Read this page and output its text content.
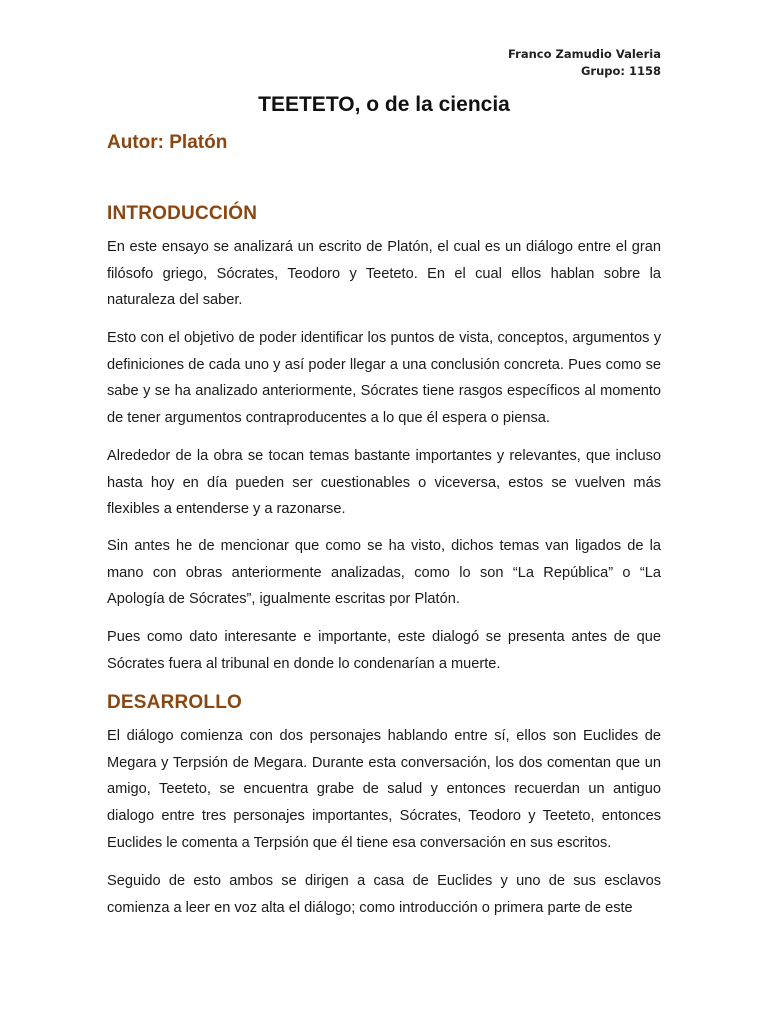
Franco Zamudio Valeria
Grupo: 1158
TEETETO, o de la ciencia
Autor: Platón
INTRODUCCIÓN

En este ensayo se analizará un escrito de Platón, el cual es un diálogo entre el gran filósofo griego, Sócrates, Teodoro y Teeteto. En el cual ellos hablan sobre la naturaleza del saber.

Esto con el objetivo de poder identificar los puntos de vista, conceptos, argumentos y definiciones de cada uno y así poder llegar a una conclusión concreta. Pues como se sabe y se ha analizado anteriormente, Sócrates tiene rasgos específicos al momento de tener argumentos contraproducentes a lo que él espera o piensa.

Alrededor de la obra se tocan temas bastante importantes y relevantes, que incluso hasta hoy en día pueden ser cuestionables o viceversa, estos se vuelven más flexibles a entenderse y a razonarse.

Sin antes he de mencionar que como se ha visto, dichos temas van ligados de la mano con obras anteriormente analizadas, como lo son “La República” o “La Apología de Sócrates”, igualmente escritas por Platón.

Pues como dato interesante e importante, este dialogó se presenta antes de que Sócrates fuera al tribunal en donde lo condenarían a muerte.

DESARROLLO

El diálogo comienza con dos personajes hablando entre sí, ellos son Euclides de Megara y Terpsión de Megara. Durante esta conversación, los dos comentan que un amigo, Teeteto, se encuentra grabe de salud y entonces recuerdan un antiguo dialogo entre tres personajes importantes, Sócrates, Teodoro y Teeteto, entonces Euclides le comenta a Terpsión que él tiene esa conversación en sus escritos.

Seguido de esto ambos se dirigen a casa de Euclides y uno de sus esclavos comienza a leer en voz alta el diálogo; como introducción o primera parte de este
